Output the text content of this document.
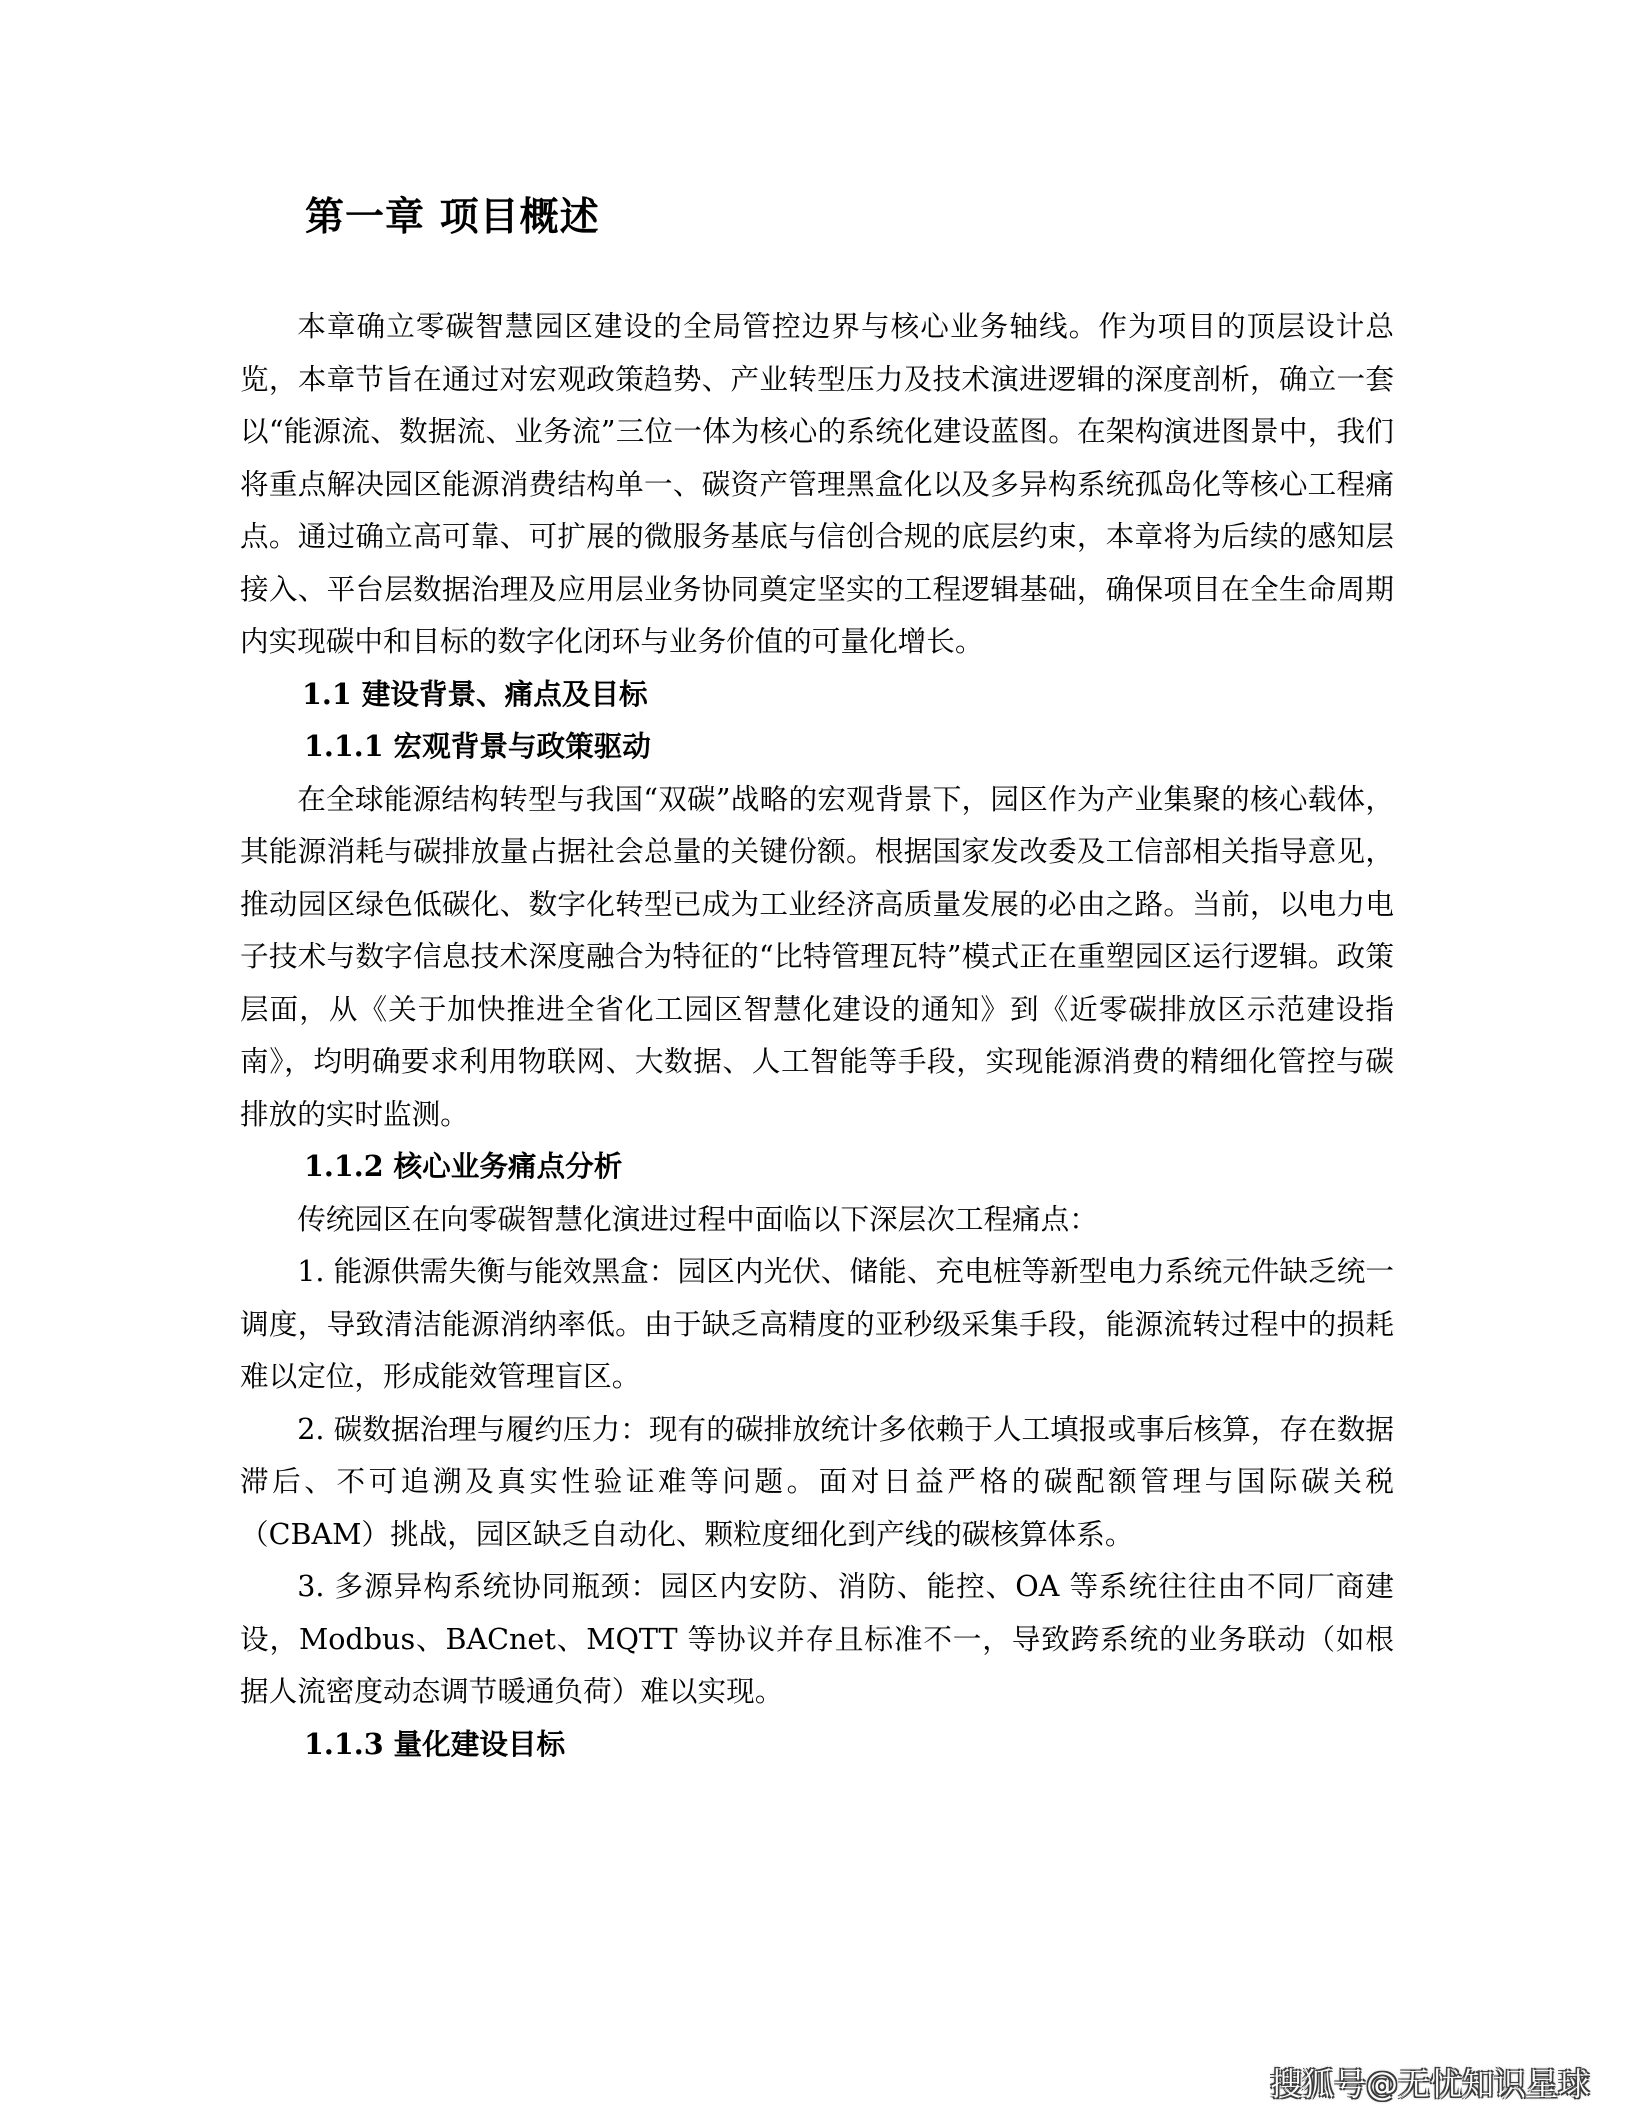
第一章 项目概述

本章确立零碳智慧园区建设的全局管控边界与核心业务轴线。作为项目的顶层设计总览，本章节旨在通过对宏观政策趋势、产业转型压力及技术演进逻辑的深度剖析，确立一套以“能源流、数据流、业务流”三位一体为核心的系统化建设蓝图。在架构演进图景中，我们将重点解决园区能源消费结构单一、碳资产管理黑盒化以及多异构系统孤岛化等核心工程痛点。通过确立高可靠、可扩展的微服务基底与信创合规的底层约束，本章将为后续的感知层接入、平台层数据治理及应用层业务协同奠定坚实的工程逻辑基础，确保项目在全生命周期内实现碳中和目标的数字化闭环与业务价值的可量化增长。

1.1 建设背景、痛点及目标
1.1.1 宏观背景与政策驱动

在全球能源结构转型与我国“双碳”战略的宏观背景下，园区作为产业集聚的核心载体，其能源消耗与碳排放量占据社会总量的关键份额。根据国家发改委及工信部相关指导意见，推动园区绿色低碳化、数字化转型已成为工业经济高质量发展的必由之路。当前，以电力电子技术与数字信息技术深度融合为特征的“比特管理瓦特”模式正在重塑园区运行逻辑。政策层面，从《关于加快推进全省化工园区智慧化建设的通知》到《近零碳排放区示范建设指南》，均明确要求利用物联网、大数据、人工智能等手段，实现能源消费的精细化管控与碳排放的实时监测。

1.1.2 核心业务痛点分析

传统园区在向零碳智慧化演进过程中面临以下深层次工程痛点：

1. 能源供需失衡与能效黑盒：园区内光伏、储能、充电桩等新型电力系统元件缺乏统一调度，导致清洁能源消纳率低。由于缺乏高精度的亚秒级采集手段，能源流转过程中的损耗难以定位，形成能效管理盲区。

2. 碳数据治理与履约压力：现有的碳排放统计多依赖于人工填报或事后核算，存在数据滞后、不可追溯及真实性验证难等问题。面对日益严格的碳配额管理与国际碳关税（CBAM）挑战，园区缺乏自动化、颗粒度细化到产线的碳核算体系。

3. 多源异构系统协同瓶颈：园区内安防、消防、能控、OA 等系统往往由不同厂商建设，Modbus、BACnet、MQTT 等协议并存且标准不一，导致跨系统的业务联动（如根据人流密度动态调节暖通负荷）难以实现。

1.1.3 量化建设目标
搜狐号@无忧知识星球
